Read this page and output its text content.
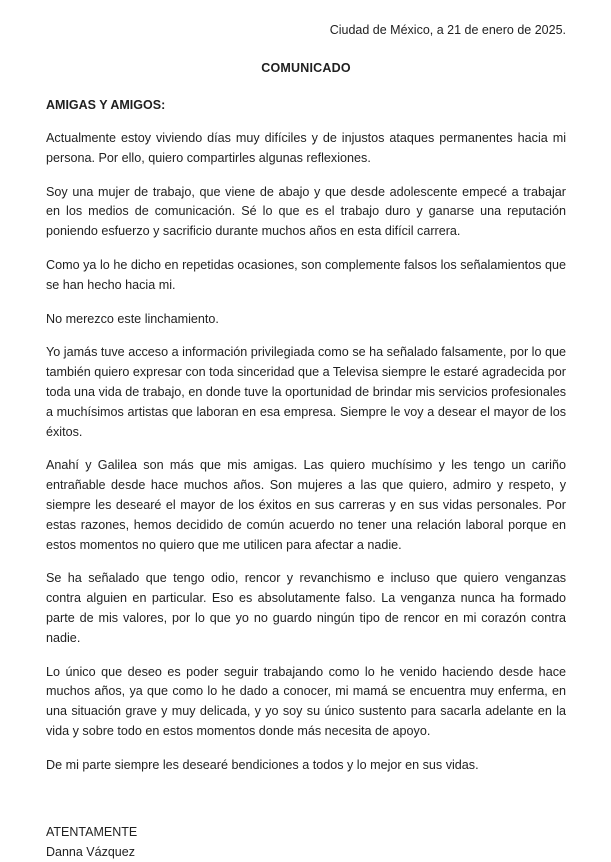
Ciudad de México, a 21 de enero de 2025.

COMUNICADO

AMIGAS Y AMIGOS:

Actualmente estoy viviendo días muy difíciles y de injustos ataques permanentes hacia mi persona. Por ello, quiero compartirles algunas reflexiones.

Soy una mujer de trabajo, que viene de abajo y que desde adolescente empecé a trabajar en los medios de comunicación. Sé lo que es el trabajo duro y ganarse una reputación poniendo esfuerzo y sacrificio durante muchos años en esta difícil carrera.

Como ya lo he dicho en repetidas ocasiones, son complemente falsos los señalamientos que se han hecho hacia mi.

No merezco este linchamiento.

Yo jamás tuve acceso a información privilegiada como se ha señalado falsamente, por lo que también quiero expresar con toda sinceridad que a Televisa siempre le estaré agradecida por toda una vida de trabajo, en donde tuve la oportunidad de brindar mis servicios profesionales a muchísimos artistas que laboran en esa empresa. Siempre le voy a desear el mayor de los éxitos.

Anahí y Galilea son más que mis amigas. Las quiero muchísimo y les tengo un cariño entrañable desde hace muchos años. Son mujeres a las que quiero, admiro y respeto, y siempre les desearé el mayor de los éxitos en sus carreras y en sus vidas personales. Por estas razones, hemos decidido de común acuerdo no tener una relación laboral porque en estos momentos no quiero que me utilicen para afectar a nadie.

Se ha señalado que tengo odio, rencor y revanchismo e incluso que quiero venganzas contra alguien en particular. Eso es absolutamente falso. La venganza nunca ha formado parte de mis valores, por lo que yo no guardo ningún tipo de rencor en mi corazón contra nadie.

Lo único que deseo es poder seguir trabajando como lo he venido haciendo desde hace muchos años, ya que como lo he dado a conocer, mi mamá se encuentra muy enferma, en una situación grave y muy delicada, y yo soy su único sustento para sacarla adelante en la vida y sobre todo en estos momentos donde más necesita de apoyo.

De mi parte siempre les desearé bendiciones a todos y lo mejor en sus vidas.

ATENTAMENTE

Danna Vázquez
